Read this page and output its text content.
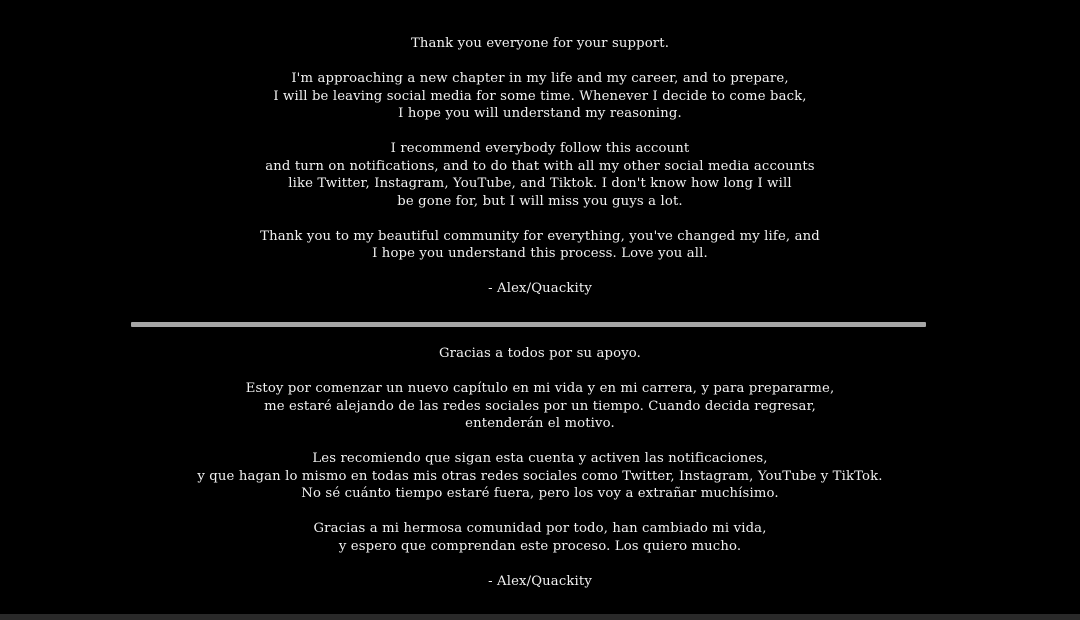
Thank you everyone for your support.

I'm approaching a new chapter in my life and my career, and to prepare,
I will be leaving social media for some time. Whenever I decide to come back,
I hope you will understand my reasoning.

I recommend everybody follow this account
and turn on notifications, and to do that with all my other social media accounts
like Twitter, Instagram, YouTube, and Tiktok. I don't know how long I will
be gone for, but I will miss you guys a lot.

Thank you to my beautiful community for everything, you've changed my life, and
I hope you understand this process. Love you all.

- Alex/Quackity

Gracias a todos por su apoyo.

Estoy por comenzar un nuevo capítulo en mi vida y en mi carrera, y para prepararme,
me estaré alejando de las redes sociales por un tiempo. Cuando decida regresar,
entenderán el motivo.

Les recomiendo que sigan esta cuenta y activen las notificaciones,
y que hagan lo mismo en todas mis otras redes sociales como Twitter, Instagram, YouTube y TikTok.
No sé cuánto tiempo estaré fuera, pero los voy a extrañar muchísimo.

Gracias a mi hermosa comunidad por todo, han cambiado mi vida,
y espero que comprendan este proceso. Los quiero mucho.

- Alex/Quackity
